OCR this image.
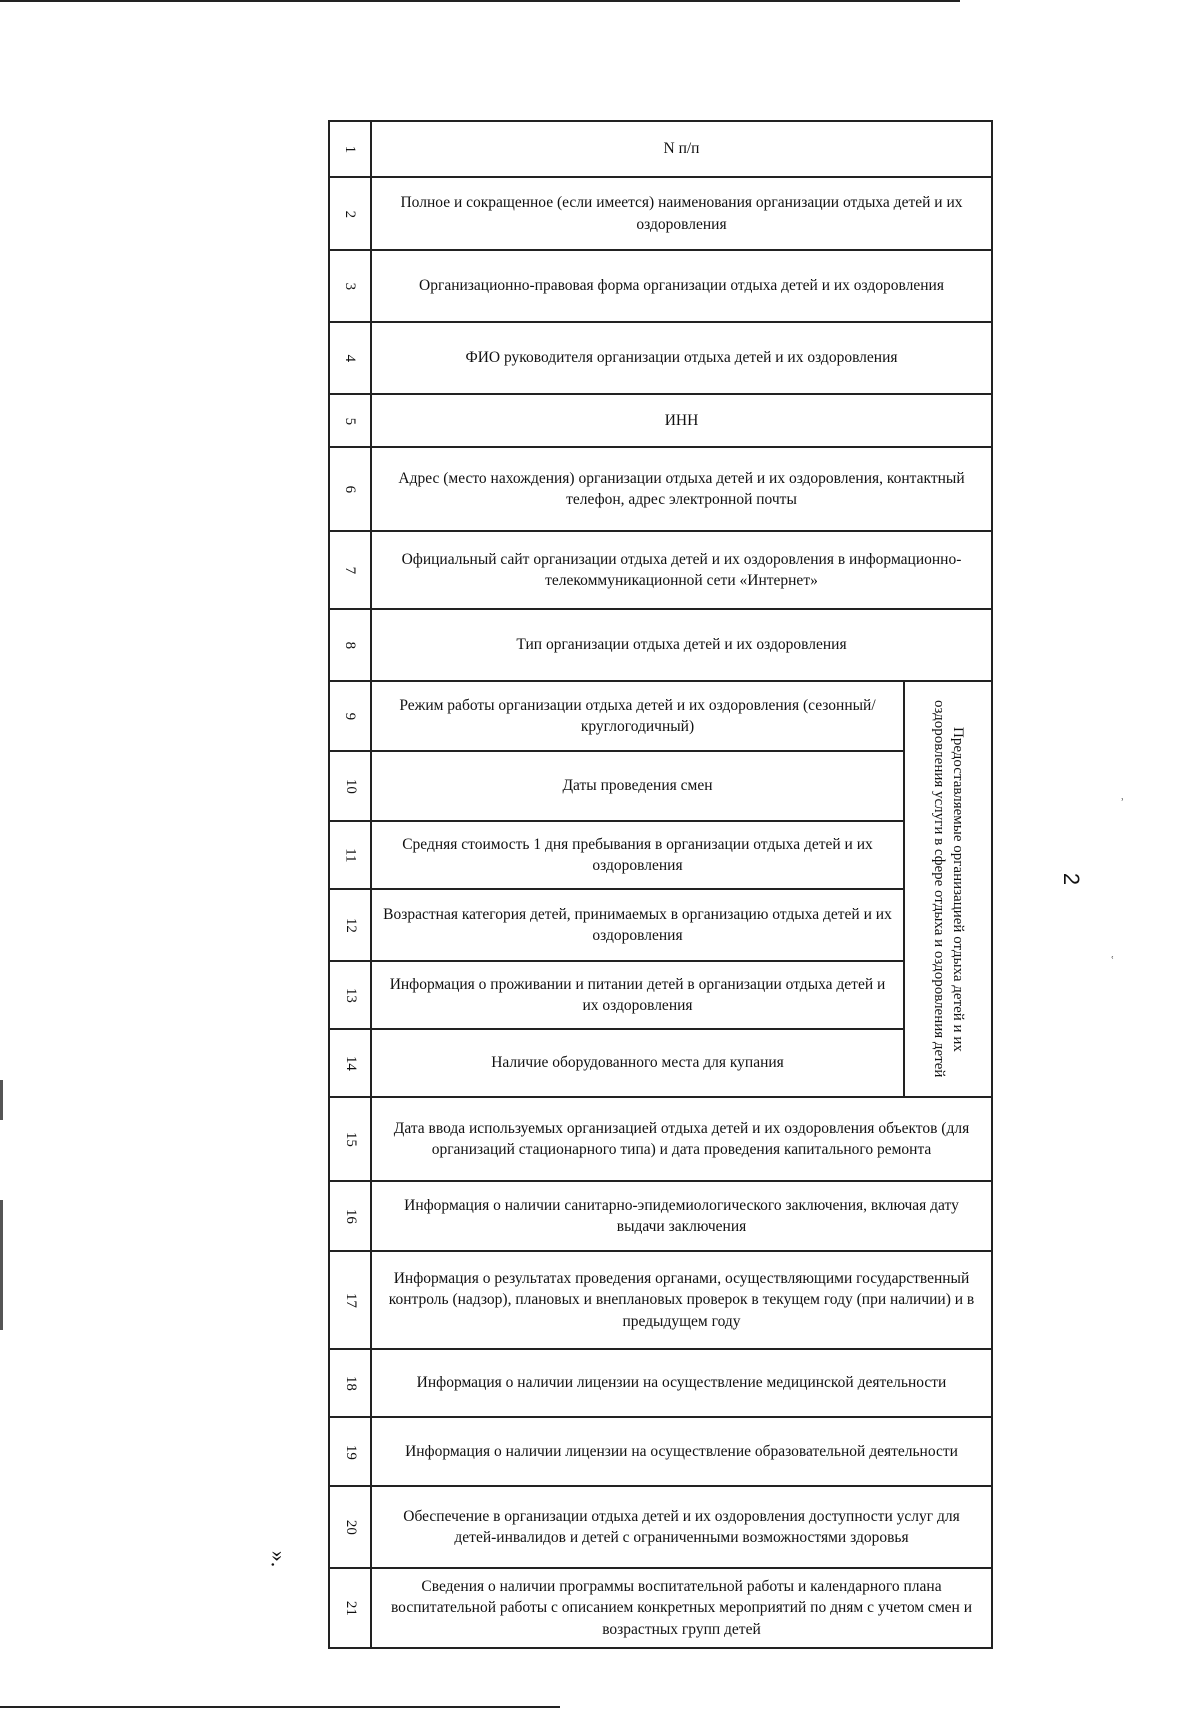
˒
˓
1	N п/п	
2	Полное и сокращенное (если имеется) наименования организации отдыха детей и их оздоровления	
3	Организационно-правовая форма организации отдыха детей и их оздоровления	
4	ФИО руководителя организации отдыха детей и их оздоровления	
5	ИНН	
6	Адрес (место нахождения) организации отдыха детей и их оздоровления, контактный телефон, адрес электронной почты	
7	Официальный сайт организации отдыха детей и их оздоровления в информационно-телекоммуникационной сети «Интернет»	
8	Тип организации отдыха детей и их оздоровления	
9	Режим работы организации отдыха детей и их оздоровления (сезонный/круглогодичный)	Предоставляемые организацией отдыха детей и их оздоровления услуги в сфере отдыха и оздоровления детей

10	Даты проведения смен	
11	Средняя стоимость 1 дня пребывания в организации отдыха детей и их оздоровления	
12	Возрастная категория детей, принимаемых в организацию отдыха детей и их оздоровления	
13	Информация о проживании и питании детей в организации отдыха детей и их оздоровления	
14	Наличие оборудованного места для купания	
15	Дата ввода используемых организацией отдыха детей и их оздоровления объектов (для организаций стационарного типа) и дата проведения капитального ремонта	
16	Информация о наличии санитарно-эпидемиологического заключения, включая дату выдачи заключения	
17	Информация о результатах проведения органами, осуществляющими государственный контроль (надзор), плановых и внеплановых проверок в текущем году (при наличии) и в предыдущем году	
18	Информация о наличии лицензии на осуществление медицинской деятельности	
19	Информация о наличии лицензии на осуществление образовательной деятельности	
20	Обеспечение в организации отдыха детей и их оздоровления доступности услуг для детей-инвалидов и детей с ограниченными возможностями здоровья	
21	Сведения о наличии программы воспитательной работы и календарного плана воспитательной работы с описанием конкретных мероприятий по дням с учетом смен и возрастных групп детей	
2
».
